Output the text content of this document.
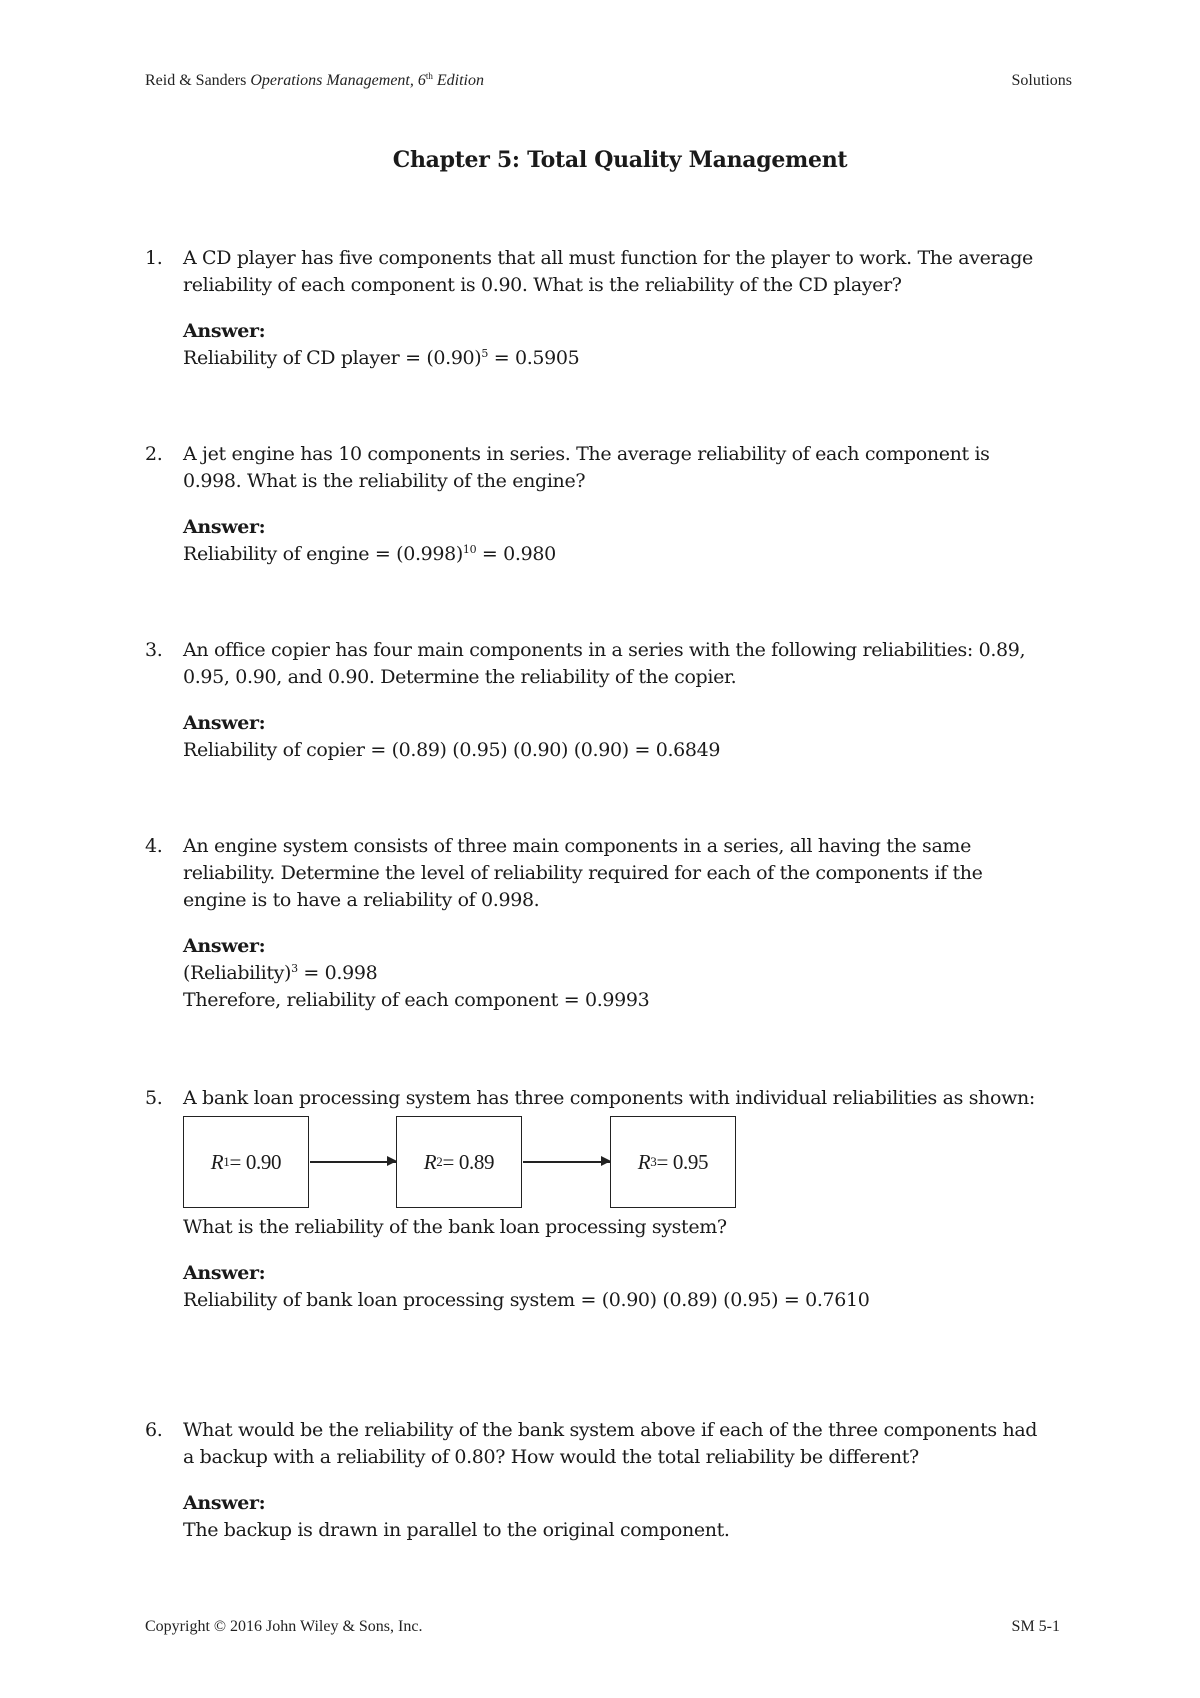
Reid & Sanders Operations Management, 6th Edition	Solutions
Chapter 5: Total Quality Management
1. A CD player has five components that all must function for the player to work. The average reliability of each component is 0.90. What is the reliability of the CD player?
Answer:
Reliability of CD player = $(0.90)^5 = 0.5905$
2. A jet engine has 10 components in series. The average reliability of each component is 0.998. What is the reliability of the engine?
Answer:
Reliability of engine = $(0.998)^{10} = 0.980$
3. An office copier has four main components in a series with the following reliabilities: 0.89, 0.95, 0.90, and 0.90. Determine the reliability of the copier.
Answer:
Reliability of copier = (0.89) (0.95) (0.90) (0.90) = 0.6849
4. An engine system consists of three main components in a series, all having the same reliability. Determine the level of reliability required for each of the components if the engine is to have a reliability of 0.998.
Answer:
(Reliability)$^3$ = 0.998
Therefore, reliability of each component = 0.9993
5. A bank loan processing system has three components with individual reliabilities as shown:
R 1 = 0.90	R 2 = 0.89	R 3 = 0.95
What is the reliability of the bank loan processing system?
Answer:
Reliability of bank loan processing system = (0.90) (0.89) (0.95) = 0.7610
6. What would be the reliability of the bank system above if each of the three components had a backup with a reliability of 0.80? How would the total reliability be different?
Answer:
The backup is drawn in parallel to the original component.
Copyright © 2016 John Wiley & Sons, Inc.	SM 5-1
